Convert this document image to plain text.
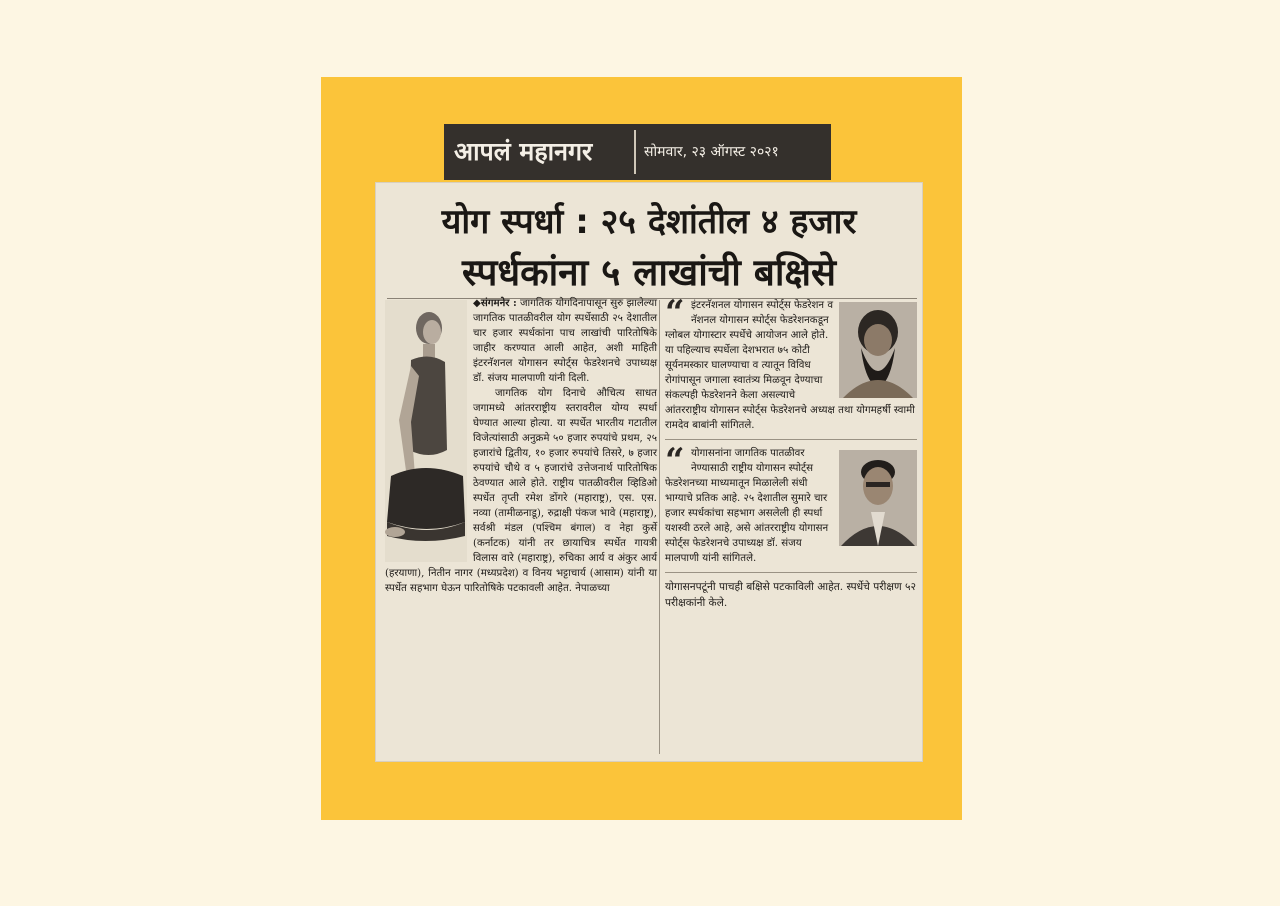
आपलं महानगर	सोमवार, २३ ऑगस्ट २०२१
योग स्पर्धा : २५ देशांतील ४ हजार
स्पर्धकांना ५ लाखांची बक्षिसे

◆संगमनेर : जागतिक योगदिनापासून सुरु झालेल्या जागतिक पातळीवरील योग स्पर्धेसाठी २५ देशातील चार हजार स्पर्धकांना पाच लाखांची पारितोषिके जाहीर करण्यात आली आहेत, अशी माहिती इंटरनॅशनल योगासन स्पोर्ट्स फेडरेशनचे उपाध्यक्ष डॉ. संजय मालपाणी यांनी दिली.

जागतिक योग दिनाचे औचित्य साधत जगामध्ये आंतरराष्ट्रीय स्तरावरील योग्य स्पर्धा घेण्यात आल्या होत्या. या स्पर्धेत भारतीय गटातील विजेत्यांसाठी अनुक्रमे ५० हजार रुपयांचे प्रथम, २५ हजारांचे द्वितीय, १० हजार रुपयांचे तिसरे, ७ हजार रुपयांचे चौथे व ५ हजारांचे उत्तेजनार्थ पारितोषिक ठेवण्यात आले होते. राष्ट्रीय पातळीवरील व्हिडिओ स्पर्धेत तृप्ती रमेश डोंगरे (महाराष्ट्र), एस. एस. नव्या (तामीळनाडू), रुद्राक्षी पंकज भावे (महाराष्ट्र), सर्वश्री मंडल (पश्चिम बंगाल) व नेहा कुर्से (कर्नाटक) यांनी तर छायाचित्र स्पर्धेत गायत्री विलास वारे (महाराष्ट्र), रुचिका आर्य व अंकुर आर्य (हरयाणा), नितीन नागर (मध्यप्रदेश) व विनय भट्टाचार्य (आसाम) यांनी या स्पर्धेत सहभाग घेऊन पारितोषिके पटकावली आहेत. नेपाळच्या

“ इंटरनॅशनल योगासन स्पोर्ट्स फेडरेशन व नॅशनल योगासन स्पोर्ट्स फेडरेशनकडून ग्लोबल योगास्टार स्पर्धेचे आयोजन आले होते. या पहिल्याच स्पर्धेला देशभरात ७५ कोटी सूर्यनमस्कार घालण्याचा व त्यातून विविध रोगांपासून जगाला स्वातंत्र्य मिळवून देण्याचा संकल्पही फेडरेशनने केला असल्याचे आंतरराष्ट्रीय योगासन स्पोर्ट्स फेडरेशनचे अध्यक्ष तथा योगमहर्षी स्वामी रामदेव बाबांनी सांगितले.

“ योगासनांना जागतिक पातळीवर नेण्यासाठी राष्ट्रीय योगासन स्पोर्ट्स फेडरेशनच्या माध्यमातून मिळालेली संधी भाग्याचे प्रतिक आहे. २५ देशातील सुमारे चार हजार स्पर्धकांचा सहभाग असलेली ही स्पर्धा यशस्वी ठरले आहे, असे आंतरराष्ट्रीय योगासन स्पोर्ट्स फेडरेशनचे उपाध्यक्ष डॉ. संजय मालपाणी यांनी सांगितले.

योगासनपटूंनी पाचही बक्षिसे पटकाविली आहेत. स्पर्धेचे परीक्षण ५२ परीक्षकांनी केले.
